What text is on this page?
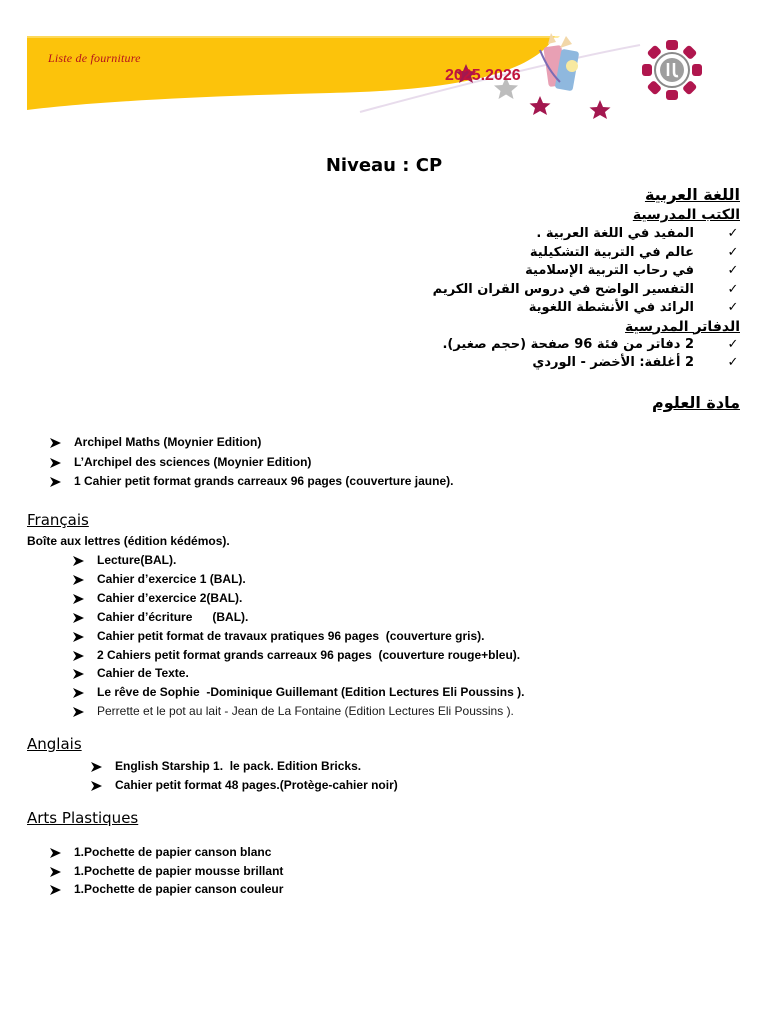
Liste de fourniture

2025.2026

Niveau : CP
اللغة العربية
الكتب المدرسية
✓
المفيد في اللغة العربية .
✓
عالم في التربية التشكيلية
✓
في رحاب التربية الإسلامية
✓
التفسير الواضح في دروس القران الكريم
✓
الرائد في الأنشطة اللغوية
الدفاتر المدرسية
✓
2 دفاتر من فئة 96 صفحة (حجم صغير).
✓
2 أغلفة: الأخضر - الوردي
مادة العلوم
Archipel Maths (Moynier Edition)
L’Archipel des sciences (Moynier Edition)
1 Cahier petit format grands carreaux 96 pages (couverture jaune).
Français

Boîte aux lettres (édition kédémos).

Lecture(BAL).
Cahier d’exercice 1 (BAL).
Cahier d’exercice 2(BAL).
Cahier d’écriture      (BAL).
Cahier petit format de travaux pratiques 96 pages  (couverture gris).
2 Cahiers petit format grands carreaux 96 pages  (couverture rouge+bleu).
Cahier de Texte.
Le rêve de Sophie  -Dominique Guillemant (Edition Lectures Eli Poussins ).
Perrette et le pot au lait - Jean de La Fontaine (Edition Lectures Eli Poussins ).
Anglais
English Starship 1.  le pack. Edition Bricks.
Cahier petit format 48 pages.(Protège-cahier noir)
Arts Plastiques
1.Pochette de papier canson blanc
1.Pochette de papier mousse brillant
1.Pochette de papier canson couleur
